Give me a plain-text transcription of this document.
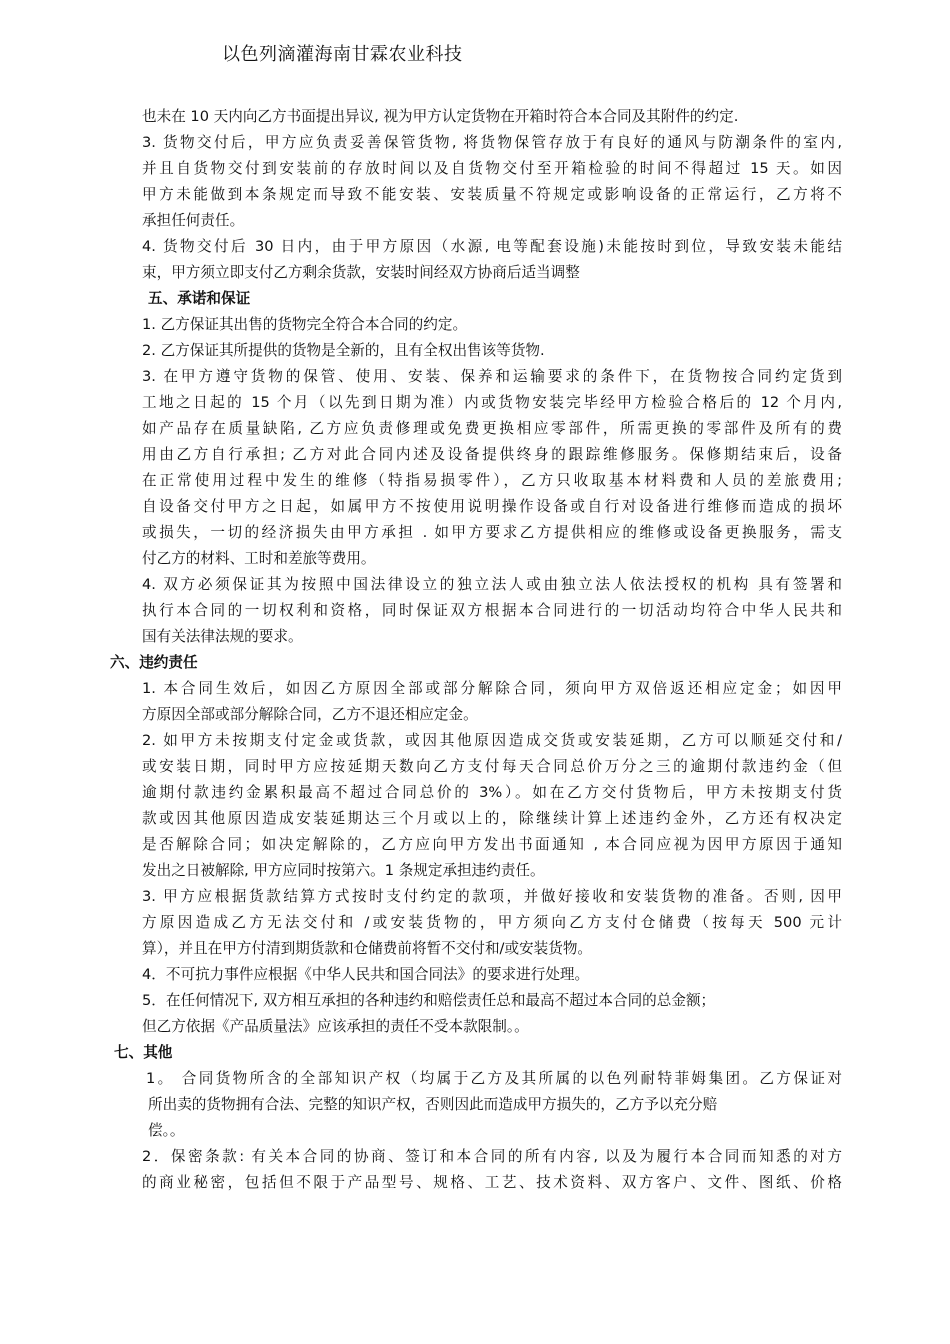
以色列滴灌海南甘霖农业科技
也未在 10 天内向乙方书面提出异议, 视为甲方认定货物在开箱时符合本合同及其附件的约定.
3. 货物交付后，甲方应负责妥善保管货物, 将货物保管存放于有良好的通风与防潮条件的室内,
并且自货物交付到安装前的存放时间以及自货物交付至开箱检验的时间不得超过 15 天。如因
甲方未能做到本条规定而导致不能安装、安装质量不符规定或影响设备的正常运行，乙方将不
承担任何责任。
4. 货物交付后 30 日内，由于甲方原因（水源, 电等配套设施)未能按时到位，导致安装未能结
束，甲方须立即支付乙方剩余货款，安装时间经双方协商后适当调整
五、承诺和保证
1. 乙方保证其出售的货物完全符合本合同的约定。
2. 乙方保证其所提供的货物是全新的，且有全权出售该等货物.
3. 在甲方遵守货物的保管、使用、安装、保养和运输要求的条件下，在货物按合同约定货到
工地之日起的 15 个月（以先到日期为准）内或货物安装完毕经甲方检验合格后的 12 个月内,
如产品存在质量缺陷, 乙方应负责修理或免费更换相应零部件，所需更换的零部件及所有的费
用由乙方自行承担; 乙方对此合同内述及设备提供终身的跟踪维修服务。保修期结束后，设备
在正常使用过程中发生的维修（特指易损零件），乙方只收取基本材料费和人员的差旅费用;
自设备交付甲方之日起，如属甲方不按使用说明操作设备或自行对设备进行维修而造成的损坏
或损失，一切的经济损失由甲方承担 . 如甲方要求乙方提供相应的维修或设备更换服务，需支
付乙方的材料、工时和差旅等费用。
4. 双方必须保证其为按照中国法律设立的独立法人或由独立法人依法授权的机构 具有签署和
执行本合同的一切权利和资格，同时保证双方根据本合同进行的一切活动均符合中华人民共和
国有关法律法规的要求。
六、违约责任
1. 本合同生效后，如因乙方原因全部或部分解除合同，须向甲方双倍返还相应定金；如因甲
方原因全部或部分解除合同，乙方不退还相应定金。
2. 如甲方未按期支付定金或货款，或因其他原因造成交货或安装延期，乙方可以顺延交付和/
或安装日期，同时甲方应按延期天数向乙方支付每天合同总价万分之三的逾期付款违约金（但
逾期付款违约金累积最高不超过合同总价的 3%）。如在乙方交付货物后，甲方未按期支付货
款或因其他原因造成安装延期达三个月或以上的，除继续计算上述违约金外，乙方还有权决定
是否解除合同；如决定解除的，乙方应向甲方发出书面通知 , 本合同应视为因甲方原因于通知
发出之日被解除, 甲方应同时按第六。1 条规定承担违约责任。
3. 甲方应根据货款结算方式按时支付约定的款项，并做好接收和安装货物的准备。否则, 因甲
方原因造成乙方无法交付和 /或安装货物的，甲方须向乙方支付仓储费（按每天 500 元计
算），并且在甲方付清到期货款和仓储费前将暂不交付和/或安装货物。
4．不可抗力事件应根据《中华人民共和国合同法》的要求进行处理。
5．在任何情况下, 双方相互承担的各种违约和赔偿责任总和最高不超过本合同的总金额；
但乙方依据《产品质量法》应该承担的责任不受本款限制。。
七、其他
1。 合同货物所含的全部知识产权（均属于乙方及其所属的以色列耐特菲姆集团。乙方保证对
所出卖的货物拥有合法、完整的知识产权，否则因此而造成甲方损失的，乙方予以充分赔
偿。。
2．保密条款: 有关本合同的协商、签订和本合同的所有内容, 以及为履行本合同而知悉的对方
的商业秘密，包括但不限于产品型号、规格、工艺、技术资料、双方客户、文件、图纸、价格
